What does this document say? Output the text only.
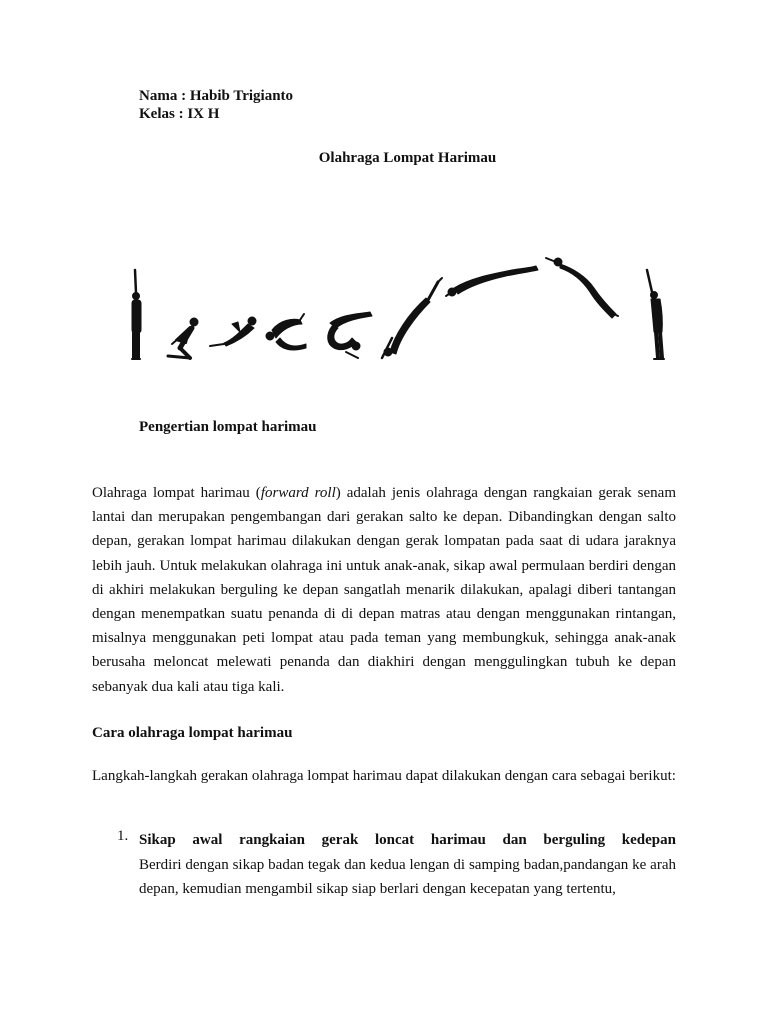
Nama : Habib Trigianto
Kelas : IX H
Olahraga Lompat Harimau
Pengertian lompat harimau
Olahraga lompat harimau (forward roll) adalah jenis olahraga dengan rangkaian gerak senam lantai dan merupakan pengembangan dari gerakan salto ke depan. Dibandingkan dengan salto depan, gerakan lompat harimau dilakukan dengan gerak lompatan pada saat di udara jaraknya lebih jauh. Untuk melakukan olahraga ini untuk anak-anak, sikap awal permulaan berdiri dengan di akhiri melakukan berguling ke depan sangatlah menarik dilakukan, apalagi diberi tantangan dengan menempatkan suatu penanda di di depan matras atau dengan menggunakan rintangan, misalnya menggunakan peti lompat atau pada teman yang membungkuk, sehingga anak-anak berusaha meloncat melewati penanda dan diakhiri dengan menggulingkan tubuh ke depan sebanyak dua kali atau tiga kali.
Cara olahraga lompat harimau
Langkah-langkah gerakan olahraga lompat harimau dapat dilakukan dengan cara sebagai berikut:
1. Sikap awal rangkaian gerak loncat harimau dan berguling kedepan
Berdiri dengan sikap badan tegak dan kedua lengan di samping badan,pandangan ke arah depan, kemudian mengambil sikap siap berlari dengan kecepatan yang tertentu,
